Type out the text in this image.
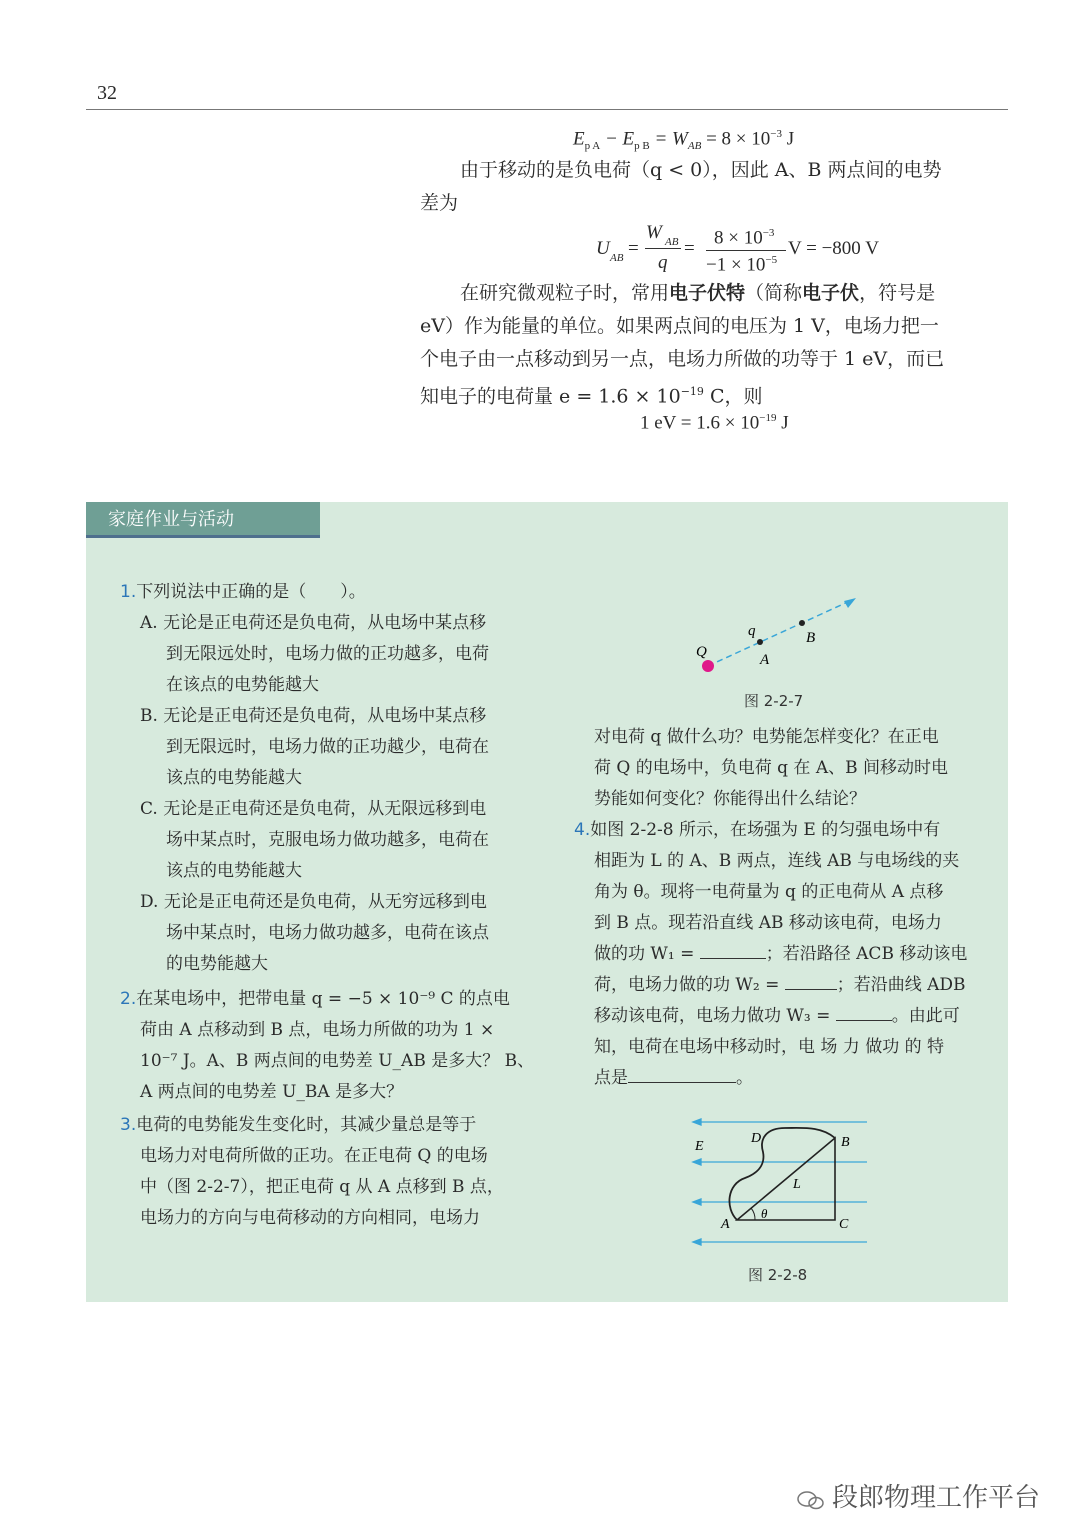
32
$E_{p A} - E_{p B} = W_{AB} = 8 \times 10^{-3}$ J
由于移动的是负电荷（q < 0），因此 A、B 两点间的电势
差为
U AB =
W AB
q
=
$8 \times 10^{-3}$
$-1 \times 10^{-5}$
V = −800 V
在研究微观粒子时，常用电子伏特（简称电子伏，符号是
eV）作为能量的单位。如果两点间的电压为 1 V，电场力把一
个电子由一点移动到另一点，电场力所做的功等于 1 eV，而已
知电子的电荷量 $e = 1.6 \times 10^{-19}$ C，则
1 eV = $1.6 \times 10^{-19}$ J
家庭作业与活动
1.下列说法中正确的是（　　）。
A. 无论是正电荷还是负电荷，从电场中某点移
到无限远处时，电场力做的正功越多，电荷
在该点的电势能越大
B. 无论是正电荷还是负电荷，从电场中某点移
到无限远时，电场力做的正功越少，电荷在
该点的电势能越大
C. 无论是正电荷还是负电荷，从无限远移到电
场中某点时，克服电场力做功越多，电荷在
该点的电势能越大
D. 无论是正电荷还是负电荷，从无穷远移到电
场中某点时，电场力做功越多，电荷在该点
的电势能越大
2.在某电场中，把带电量 q = −5 × 10⁻⁹ C 的点电
荷由 A 点移动到 B 点，电场力所做的功为 1 ×
10⁻⁷ J。A、B 两点间的电势差 U_AB 是多大？ B、
A 两点间的电势差 U_BA 是多大？
3.电荷的电势能发生变化时，其减少量总是等于
电场力对电荷所做的正功。在正电荷 Q 的电场
中（图 2-2-7），把正电荷 q 从 A 点移到 B 点，
电场力的方向与电荷移动的方向相同，电场力
Q
q
A
B
图 2-2-7
对电荷 q 做什么功？电势能怎样变化？在正电
荷 Q 的电场中，负电荷 q 在 A、B 间移动时电
势能如何变化？你能得出什么结论？
4.如图 2-2-8 所示，在场强为 E 的匀强电场中有
相距为 L 的 A、B 两点，连线 AB 与电场线的夹
角为 θ。现将一电荷量为 q 的正电荷从 A 点移
到 B 点。现若沿直线 AB 移动该电荷，电场力
做的功 W₁ =	；若沿路径 ACB 移动该电
荷，电场力做的功 W₂ =	；若沿曲线 ADB
移动该电荷，电场力做功 W₃ =	。由此可
知，电荷在电场中移动时，电 场 力 做功 的 特
点是	。
E
D	B
L
A
θ
C
图 2-2-8
段郎物理工作平台
